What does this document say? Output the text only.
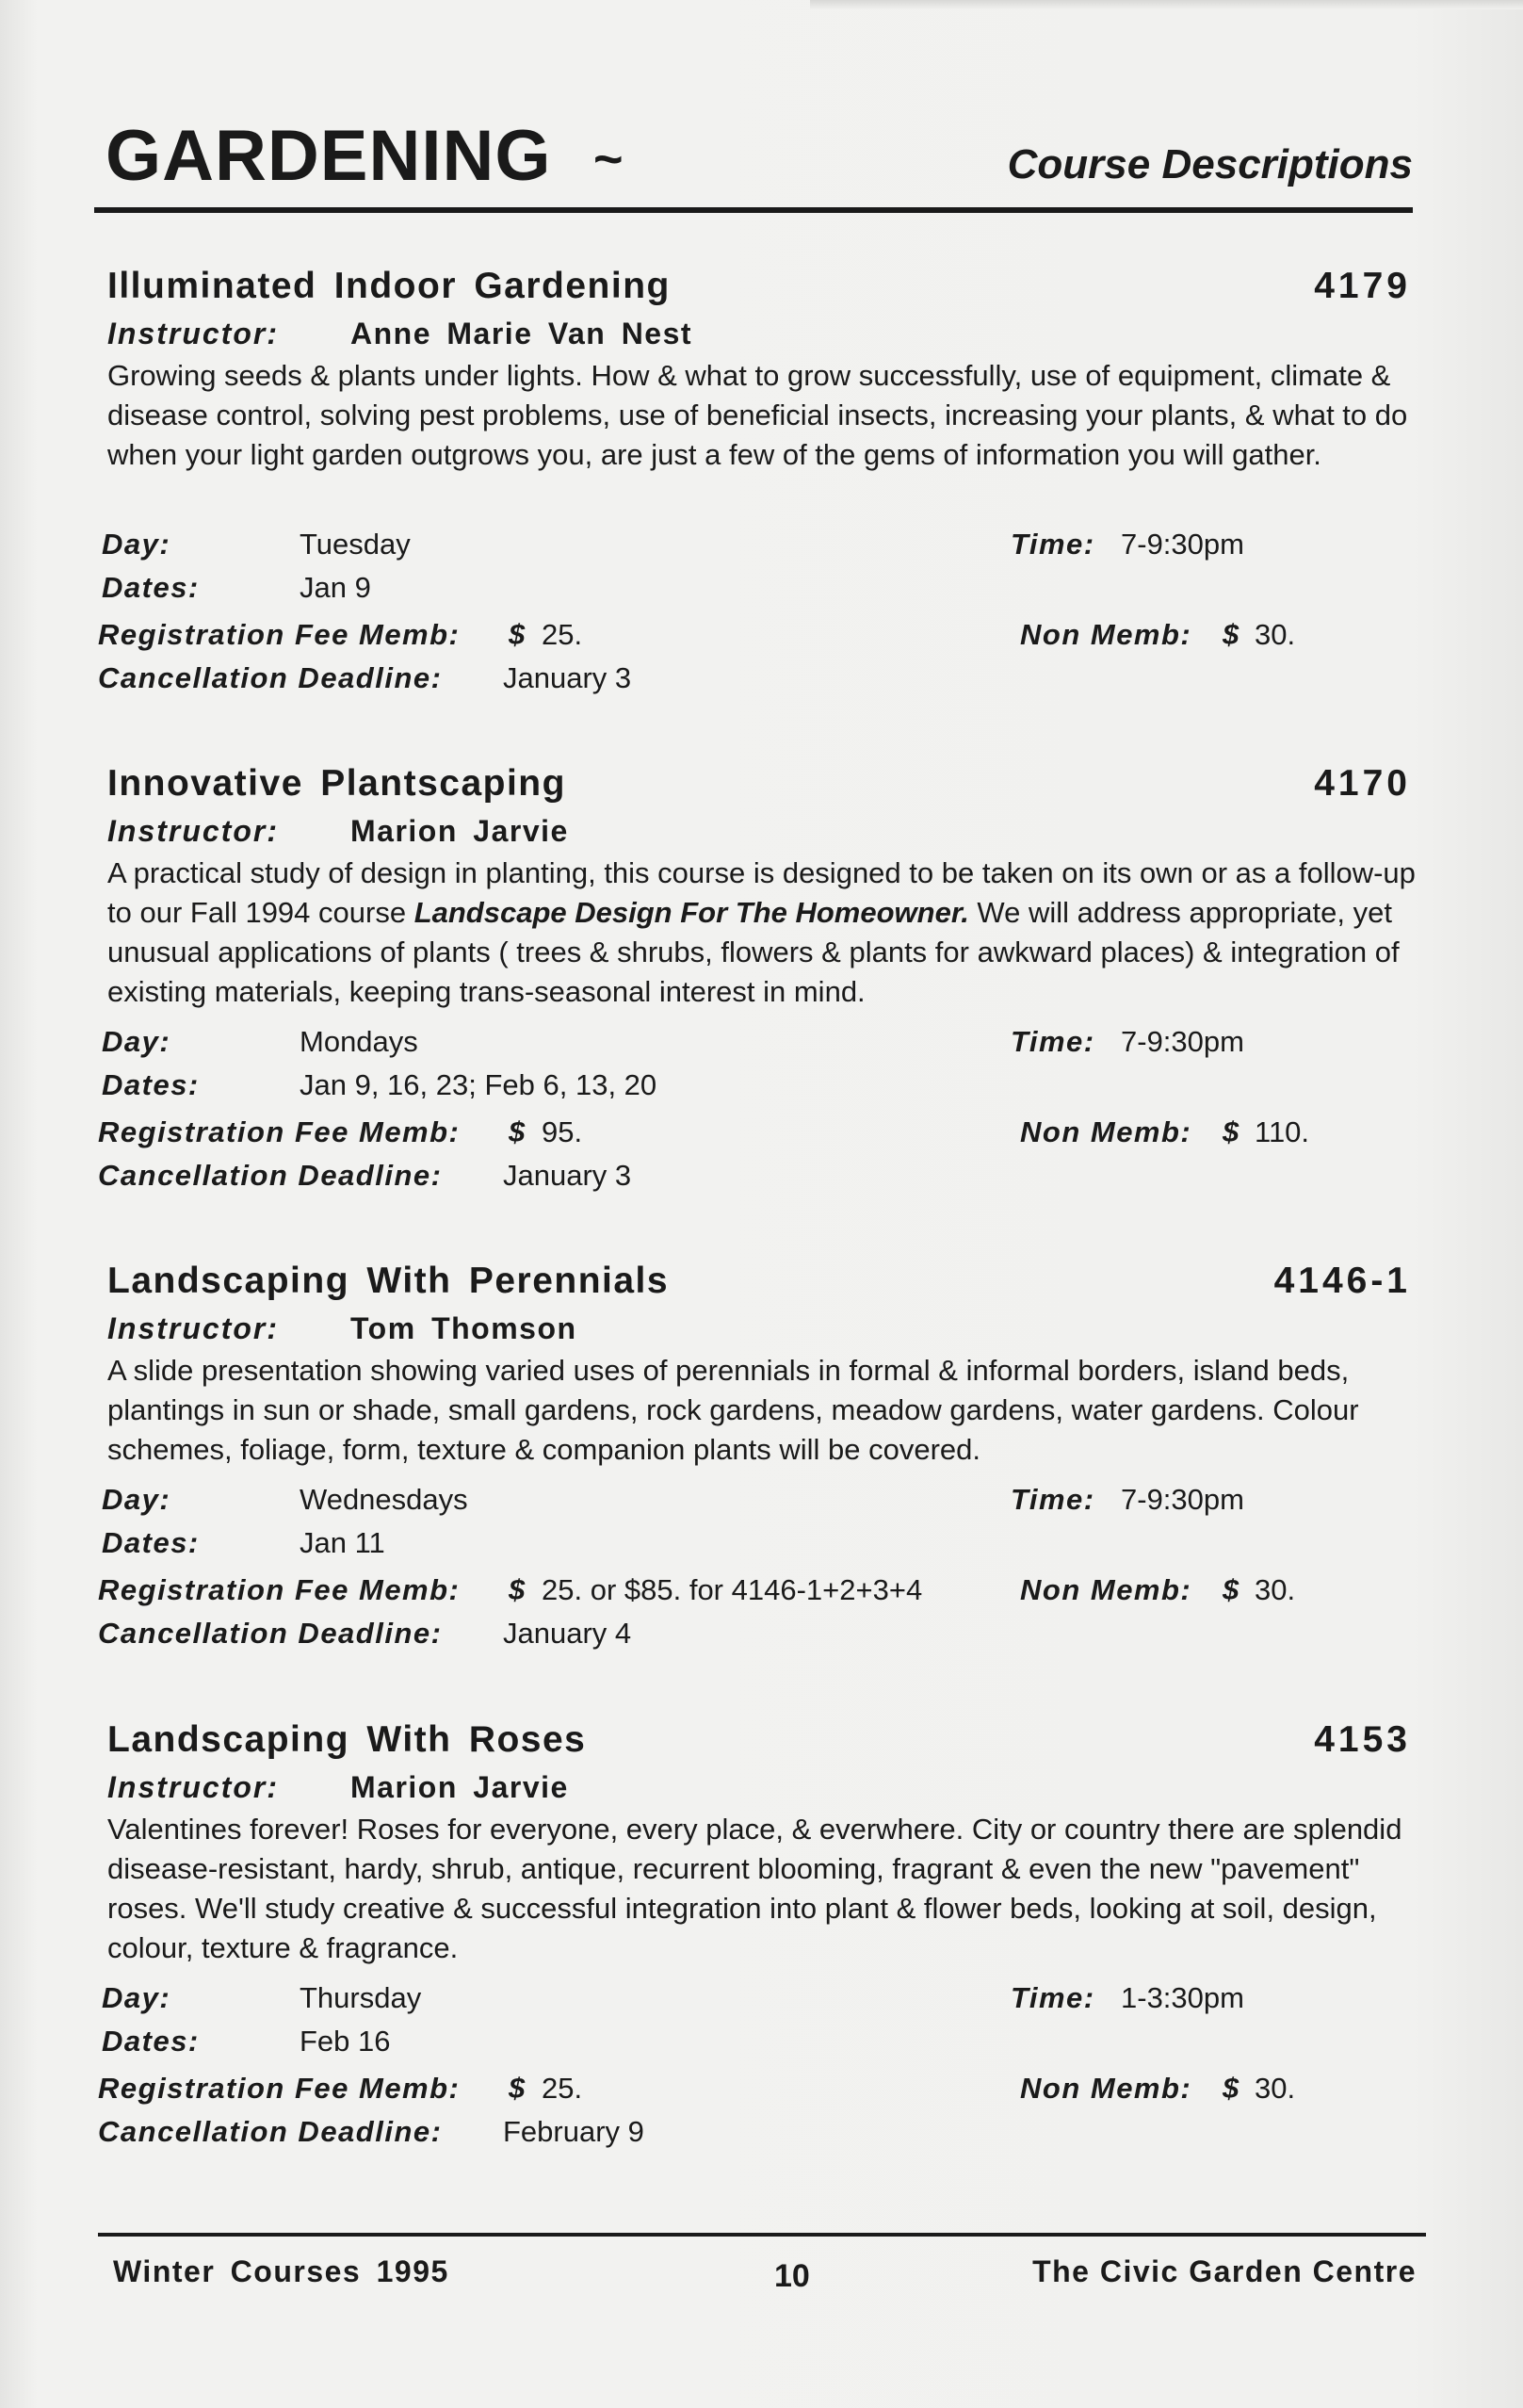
GARDENING ~	Course Descriptions
Illuminated Indoor Gardening	4179
Instructor: Anne Marie Van Nest

Growing seeds & plants under lights. How & what to grow successfully, use of equipment, climate & disease control, solving pest problems, use of beneficial insects, increasing your plants, & what to do when your light garden outgrows you, are just a few of the gems of information you will gather.

Day:	Tuesday	Time: 7-9:30pm
Dates:	Jan 9
Registration Fee Memb: $ 25.	Non Memb: $ 30.
Cancellation Deadline: January 3
Innovative Plantscaping	4170
Instructor: Marion Jarvie

A practical study of design in planting, this course is designed to be taken on its own or as a follow-up to our Fall 1994 course Landscape Design For The Homeowner. We will address appropriate, yet unusual applications of plants ( trees & shrubs, flowers & plants for awkward places) & integration of existing materials, keeping trans-seasonal interest in mind.

Day:	Mondays	Time: 7-9:30pm
Dates:	Jan 9, 16, 23; Feb 6, 13, 20
Registration Fee Memb: $ 95.	Non Memb: $ 110.
Cancellation Deadline: January 3
Landscaping With Perennials	4146-1
Instructor: Tom Thomson

A slide presentation showing varied uses of perennials in formal & informal borders, island beds, plantings in sun or shade, small gardens, rock gardens, meadow gardens, water gardens. Colour schemes, foliage, form, texture & companion plants will be covered.

Day:	Wednesdays	Time: 7-9:30pm
Dates:	Jan 11
Registration Fee Memb: $ 25. or $85. for 4146-1+2+3+4	Non Memb: $ 30.
Cancellation Deadline: January 4
Landscaping With Roses	4153
Instructor: Marion Jarvie

Valentines forever! Roses for everyone, every place, & everwhere. City or country there are splendid disease-resistant, hardy, shrub, antique, recurrent blooming, fragrant & even the new "pavement" roses. We'll study creative & successful integration into plant & flower beds, looking at soil, design, colour, texture & fragrance.

Day:	Thursday	Time: 1-3:30pm
Dates:	Feb 16
Registration Fee Memb: $ 25.	Non Memb: $ 30.
Cancellation Deadline: February 9
Winter Courses 1995	10	The Civic Garden Centre
